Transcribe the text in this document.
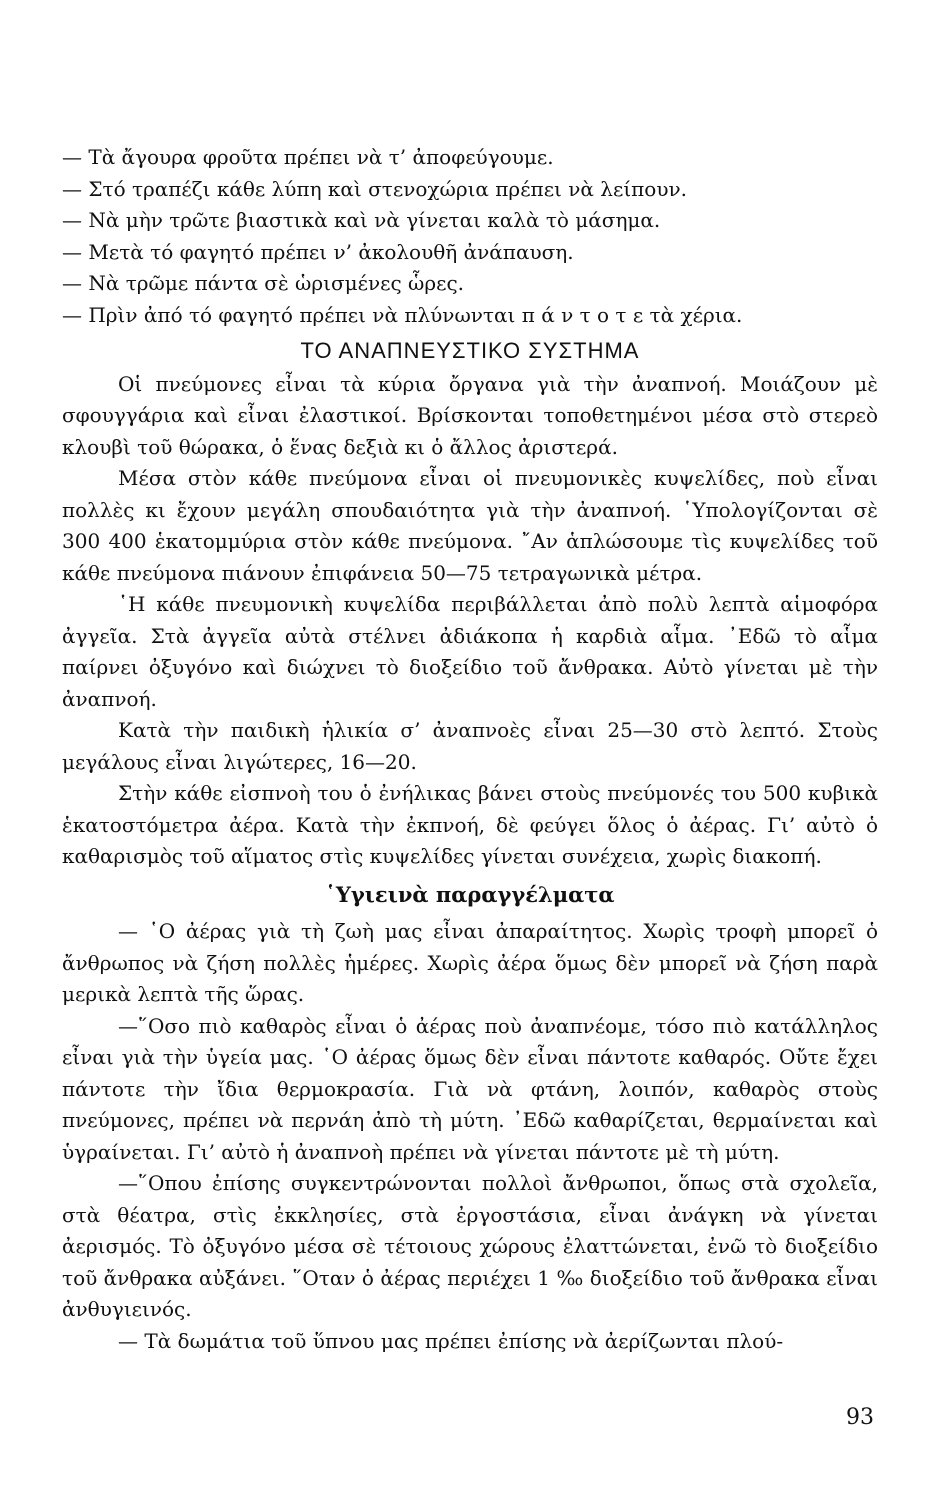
— Τὰ ἄγουρα φροῦτα πρέπει νὰ τ’ ἀποφεύγουμε.
— Στό τραπέζι κάθε λύπη καὶ στενοχώρια πρέπει νὰ λείπουν.
— Νὰ μὴν τρῶτε βιαστικὰ καὶ νὰ γίνεται καλὰ τὸ μάσημα.
— Μετὰ τό φαγητό πρέπει ν’ ἀκολουθῆ ἀνάπαυση.
— Νὰ τρῶμε πάντα σὲ ὡρισμένες ὧρες.
— Πρὶν ἀπό τό φαγητό πρέπει νὰ πλύνωνται π ά ν τ ο τ ε τὰ χέρια.

ΤΟ ΑΝΑΠΝΕΥΣΤΙΚΟ ΣΥΣΤΗΜΑ

Οἱ πνεύμονες εἶναι τὰ κύρια ὄργανα γιὰ τὴν ἀναπνοή. Μοιάζουν μὲ σφουγγάρια καὶ εἶναι ἐλαστικοί. Βρίσκονται τοποθετημένοι μέσα στὸ στερεὸ κλουβὶ τοῦ θώρακα, ὁ ἕνας δεξιὰ κι ὁ ἄλλος ἀριστερά.

Μέσα στὸν κάθε πνεύμονα εἶναι οἱ πνευμονικὲς κυψελίδες, ποὺ εἶναι πολλὲς κι ἔχουν μεγάλη σπουδαιότητα γιὰ τὴν ἀναπνοή. ῾Υπολογίζονται σὲ 300 400 ἑκατομμύρια στὸν κάθε πνεύμονα. ῎Αν ἁπλώσουμε τὶς κυψελίδες τοῦ κάθε πνεύμονα πιάνουν ἐπιφάνεια 50—75 τετραγωνικὰ μέτρα.

῾Η κάθε πνευμονικὴ κυψελίδα περιβάλλεται ἀπὸ πολὺ λεπτὰ αἱμοφόρα ἀγγεῖα. Στὰ ἀγγεῖα αὐτὰ στέλνει ἀδιάκοπα ἡ καρδιὰ αἷμα. ᾿Εδῶ τὸ αἷμα παίρνει ὀξυγόνο καὶ διώχνει τὸ διοξείδιο τοῦ ἄνθρακα. Αὐτὸ γίνεται μὲ τὴν ἀναπνοή.

Κατὰ τὴν παιδικὴ ἡλικία σ’ ἀναπνοὲς εἶναι 25—30 στὸ λεπτό. Στοὺς μεγάλους εἶναι λιγώτερες, 16—20.

Στὴν κάθε εἰσπνοὴ του ὁ ἐνήλικας βάνει στοὺς πνεύμονές του 500 κυβικὰ ἑκατοστόμετρα ἀέρα. Κατὰ τὴν ἐκπνοή, δὲ φεύγει ὅλος ὁ ἀέρας. Γι’ αὐτὸ ὁ καθαρισμὸς τοῦ αἵματος στὶς κυψελίδες γίνεται συνέχεια, χωρὶς διακοπή.

῾Υγιεινὰ παραγγέλματα

— ῾Ο ἀέρας γιὰ τὴ ζωὴ μας εἶναι ἀπαραίτητος. Χωρὶς τροφὴ μπορεῖ ὁ ἄνθρωπος νὰ ζήση πολλὲς ἡμέρες. Χωρὶς ἀέρα ὅμως δὲν μπορεῖ νὰ ζήση παρὰ μερικὰ λεπτὰ τῆς ὥρας.

—῞Οσο πιὸ καθαρὸς εἶναι ὁ ἀέρας ποὺ ἀναπνέομε, τόσο πιὸ κατάλληλος εἶναι γιὰ τὴν ὑγεία μας. ῾Ο ἀέρας ὅμως δὲν εἶναι πάντοτε καθαρός. Οὔτε ἔχει πάντοτε τὴν ἴδια θερμοκρασία. Γιὰ νὰ φτάνη, λοιπόν, καθαρὸς στοὺς πνεύμονες, πρέπει νὰ περνάη ἀπὸ τὴ μύτη. ᾿Εδῶ καθαρίζεται, θερμαίνεται καὶ ὑγραίνεται. Γι’ αὐτὸ ἡ ἀναπνοὴ πρέπει νὰ γίνεται πάντοτε μὲ τὴ μύτη.

—῞Οπου ἐπίσης συγκεντρώνονται πολλοὶ ἄνθρωποι, ὅπως στὰ σχολεῖα, στὰ θέατρα, στὶς ἐκκλησίες, στὰ ἐργοστάσια, εἶναι ἀνάγκη νὰ γίνεται ἀερισμός. Τὸ ὀξυγόνο μέσα σὲ τέτοιους χώρους ἐλαττώνεται, ἐνῶ τὸ διοξείδιο τοῦ ἄνθρακα αὐξάνει. ῞Οταν ὁ ἀέρας περιέχει 1 ‰ διοξείδιο τοῦ ἄνθρακα εἶναι ἀνθυγιεινός.

— Τὰ δωμάτια τοῦ ὕπνου μας πρέπει ἐπίσης νὰ ἀερίζωνται πλού-

93
